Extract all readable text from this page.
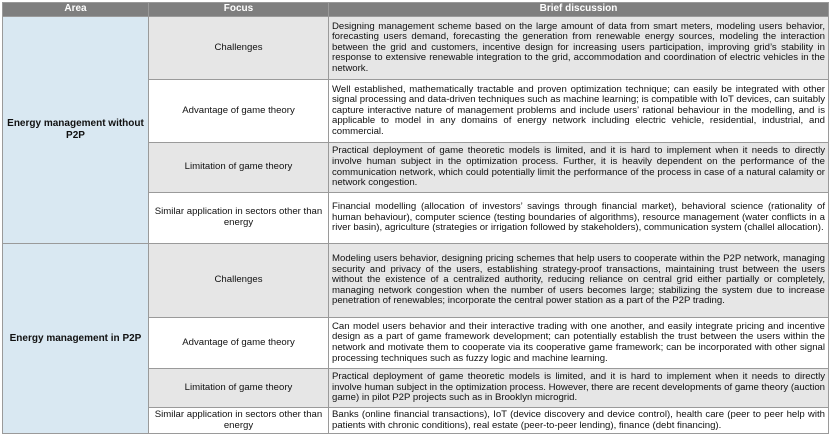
Area	Focus	Brief discussion
Energy management without P2P	Challenges	Designing management scheme based on the large amount of data from smart meters, modeling users behavior, forecasting users demand, forecasting the generation from renewable energy sources, modeling the interaction between the grid and customers, incentive design for increasing users participation, improving grid’s stability in response to extensive renewable integration to the grid, accommodation and coordination of electric vehicles in the network.
	Advantage of game theory	Well established, mathematically tractable and proven optimization technique; can easily be integrated with other signal processing and data-driven techniques such as machine learning; is compatible with IoT devices, can suitably capture interactive nature of management problems and include users’ rational behaviour in the modelling, and is applicable to model in any domains of energy network including electric vehicle, residential, industrial, and commercial.
	Limitation of game theory	Practical deployment of game theoretic models is limited, and it is hard to implement when it needs to directly involve human subject in the optimization process. Further, it is heavily dependent on the performance of the communication network, which could potentially limit the performance of the process in case of a natural calamity or network congestion.
	Similar application in sectors other than energy	Financial modelling (allocation of investors’ savings through financial market), behavioral science (rationality of human behaviour), computer science (testing boundaries of algorithms), resource management (water conflicts in a river basin), agriculture (strategies or irrigation followed by stakeholders), communication system (challel allocation).
Energy management in P2P	Challenges	Modeling users behavior, designing pricing schemes that help users to cooperate within the P2P network, managing security and privacy of the users, establishing strategy-proof transactions, maintaining trust between the users without the existence of a centralized authority, reducing reliance on central grid either partially or completely, managing network congestion when the number of users becomes large; stabilizing the system due to increase penetration of renewables; incorporate the central power station as a part of the P2P trading.
	Advantage of game theory	Can model users behavior and their interactive trading with one another, and easily integrate pricing and incentive design as a part of game framework development; can potentially establish the trust between the users within the network and motivate them to cooperate via its cooperative game framework; can be incorporated with other signal processing techniques such as fuzzy logic and machine learning.
	Limitation of game theory	Practical deployment of game theoretic models is limited, and it is hard to implement when it needs to directly involve human subject in the optimization process. However, there are recent developments of game theory (auction game) in pilot P2P projects such as in Brooklyn microgrid.
	Similar application in sectors other than energy	Banks (online financial transactions), IoT (device discovery and device control), health care (peer to peer help with patients with chronic conditions), real estate (peer-to-peer lending), finance (debt financing).
